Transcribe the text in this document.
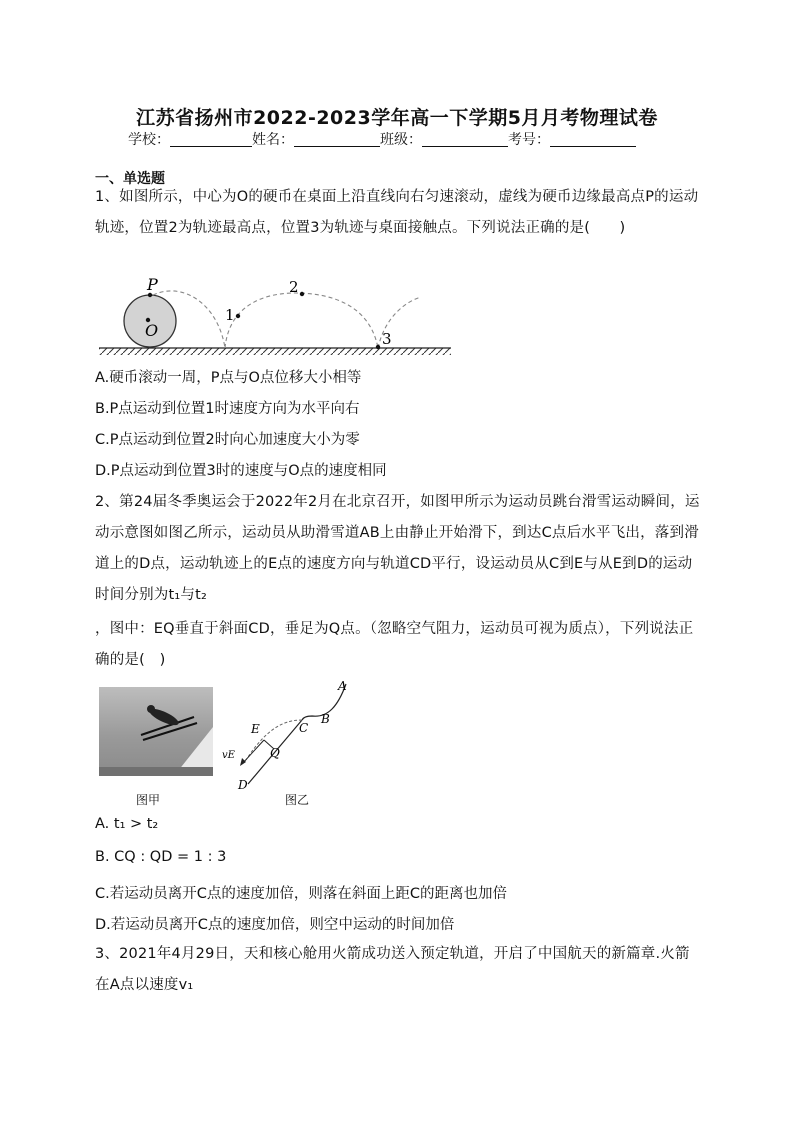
江苏省扬州市2022-2023学年高一下学期5月月考物理试卷
学校：	姓名：	班级：	考号：
一、单选题
1、如图所示，中心为O的硬币在桌面上沿直线向右匀速滚动，虚线为硬币边缘最高点P的运动轨迹，位置2为轨迹最高点，位置3为轨迹与桌面接触点。下列说法正确的是(　　)
P
O
1
2
3
A.硬币滚动一周，P点与O点位移大小相等
B.P点运动到位置1时速度方向为水平向右
C.P点运动到位置2时向心加速度大小为零
D.P点运动到位置3时的速度与O点的速度相同
2、第24届冬季奥运会于2022年2月在北京召开，如图甲所示为运动员跳台滑雪运动瞬间，运动示意图如图乙所示，运动员从助滑雪道AB上由静止开始滑下，到达C点后水平飞出，落到滑道上的D点，运动轨迹上的E点的速度方向与轨道CD平行，设运动员从C到E与从E到D的运动时间分别为t₁与t₂
，图中：EQ垂直于斜面CD，垂足为Q点。（忽略空气阻力，运动员可视为质点），下列说法正确的是(　)
图甲
A
B
C
E
Q
vE
D
图乙
A. t₁ > t₂
B. CQ : QD = 1 : 3
C.若运动员离开C点的速度加倍，则落在斜面上距C的距离也加倍
D.若运动员离开C点的速度加倍，则空中运动的时间加倍
3、2021年4月29日，天和核心舱用火箭成功送入预定轨道，开启了中国航天的新篇章.火箭在A点以速度v₁
